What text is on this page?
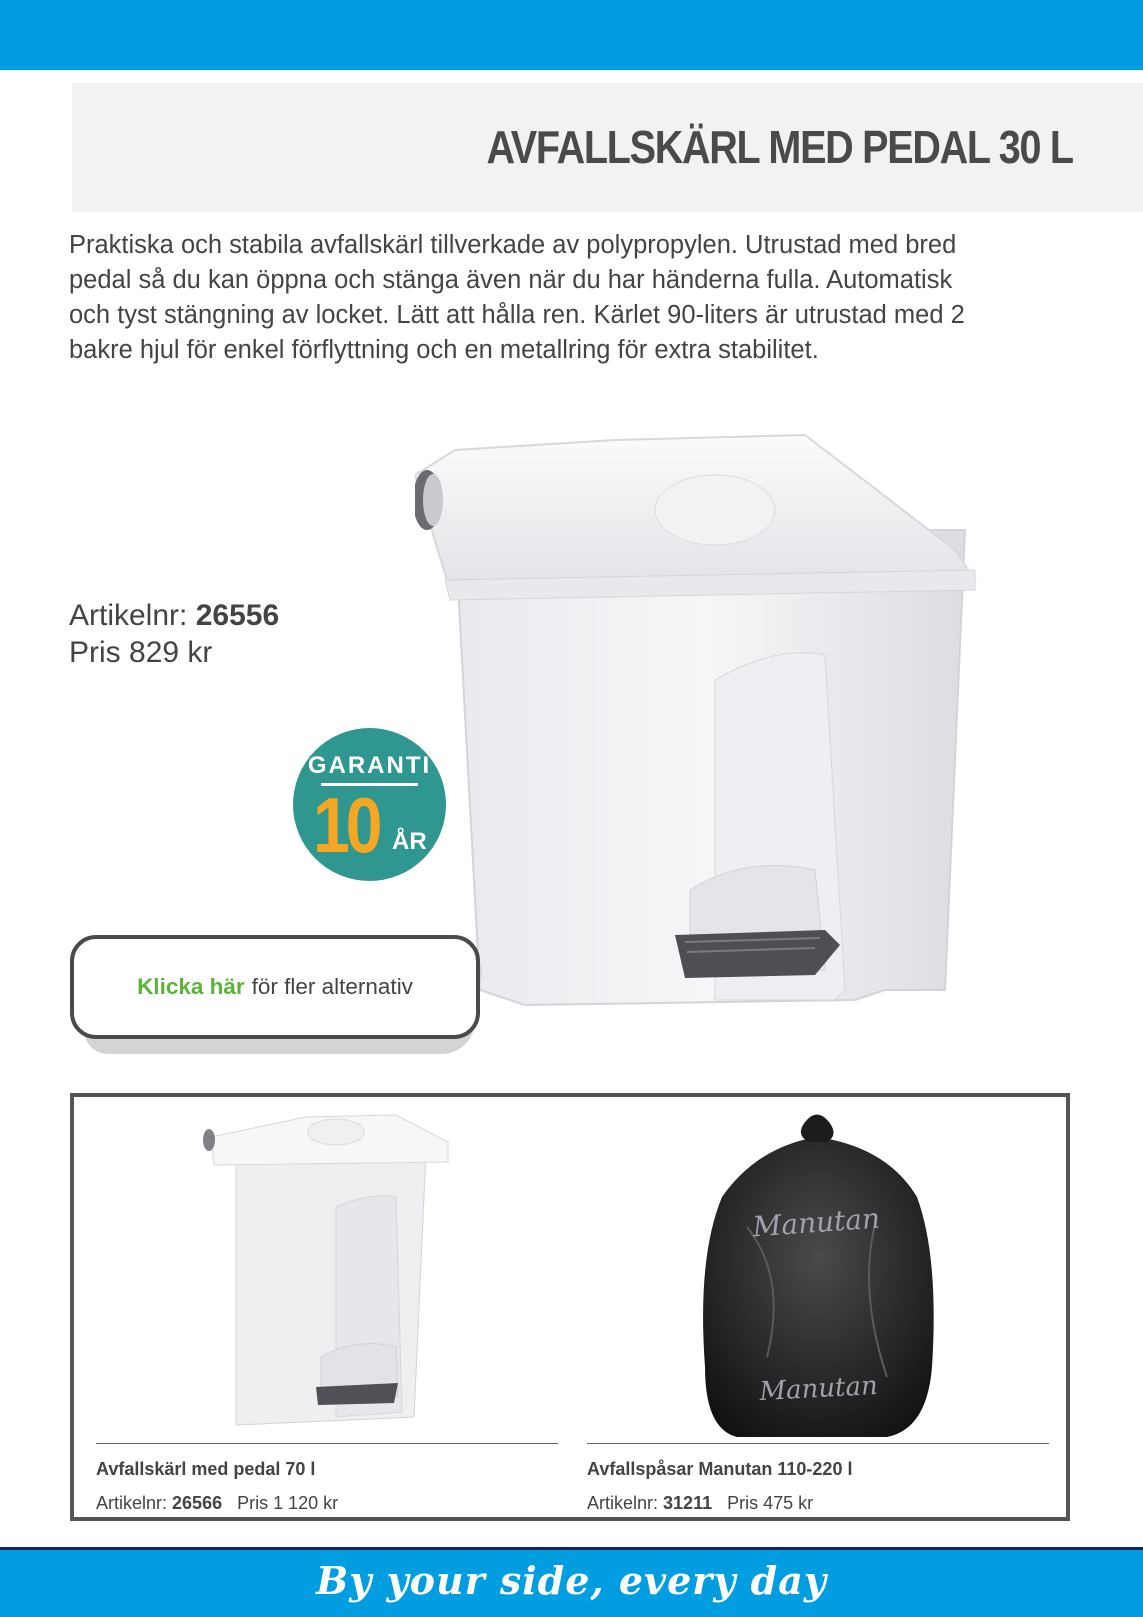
AVFALLSKÄRL MED PEDAL 30 L
Praktiska och stabila avfallskärl tillverkade av polypropylen. Utrustad med bred pedal så du kan öppna och stänga även när du har händerna fulla. Automatisk och tyst stängning av locket. Lätt att hålla ren. Kärlet 90-liters är utrustad med 2 bakre hjul för enkel förflyttning och en metallring för extra stabilitet.
Artikelnr: 26556
Pris 829 kr
GARANTI
10 ÅR
Klicka här för fler alternativ
Avfallskärl med pedal 70 l
Artikelnr: 26566 Pris 1 120 kr
Manutan
Manutan
Avfallspåsar Manutan 110-220 l
Artikelnr: 31211 Pris 475 kr
By your side, every day
